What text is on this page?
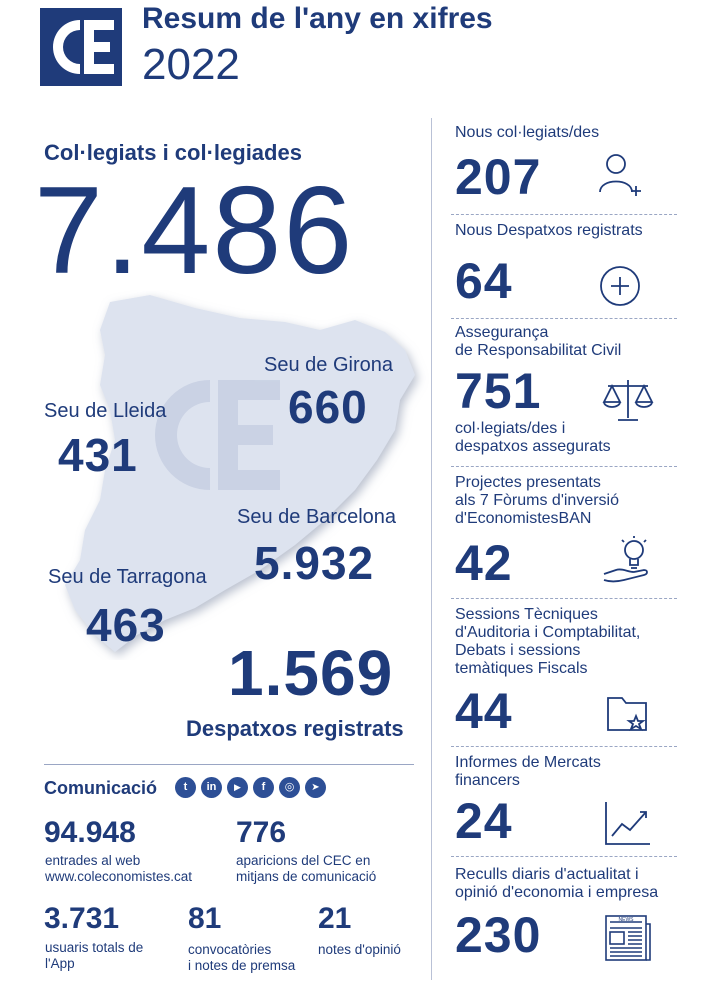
Resum de l'any en xifres
2022
Col·legiats i col·legiades
7.486
Seu de Lleida
431
Seu de Girona
660
Seu de Barcelona
5.932
Seu de Tarragona
463
1.569
Despatxos registrats
Nous col·legiats/des
207
Nous Despatxos registrats
64
Assegurança
de Responsabilitat Civil
751
col·legiats/des i
despatxos assegurats
Projectes presentats
als 7 Fòrums d'inversió
d'EconomistesBAN
42
Sessions Tècniques
d'Auditoria i Comptabilitat,
Debats i sessions
temàtiques Fiscals
44
Informes de Mercats
financers
24
Reculls diaris d'actualitat i
opinió d'economia i empresa
230	NEWS
Comunicació	t	in	▶	f	◎	➤
94.948
entrades al web
www.coleconomistes.cat
776
aparicions del CEC en
mitjans de comunicació
3.731
usuaris totals de
l'App
81
convocatòries
i notes de premsa
21
notes d'opinió
